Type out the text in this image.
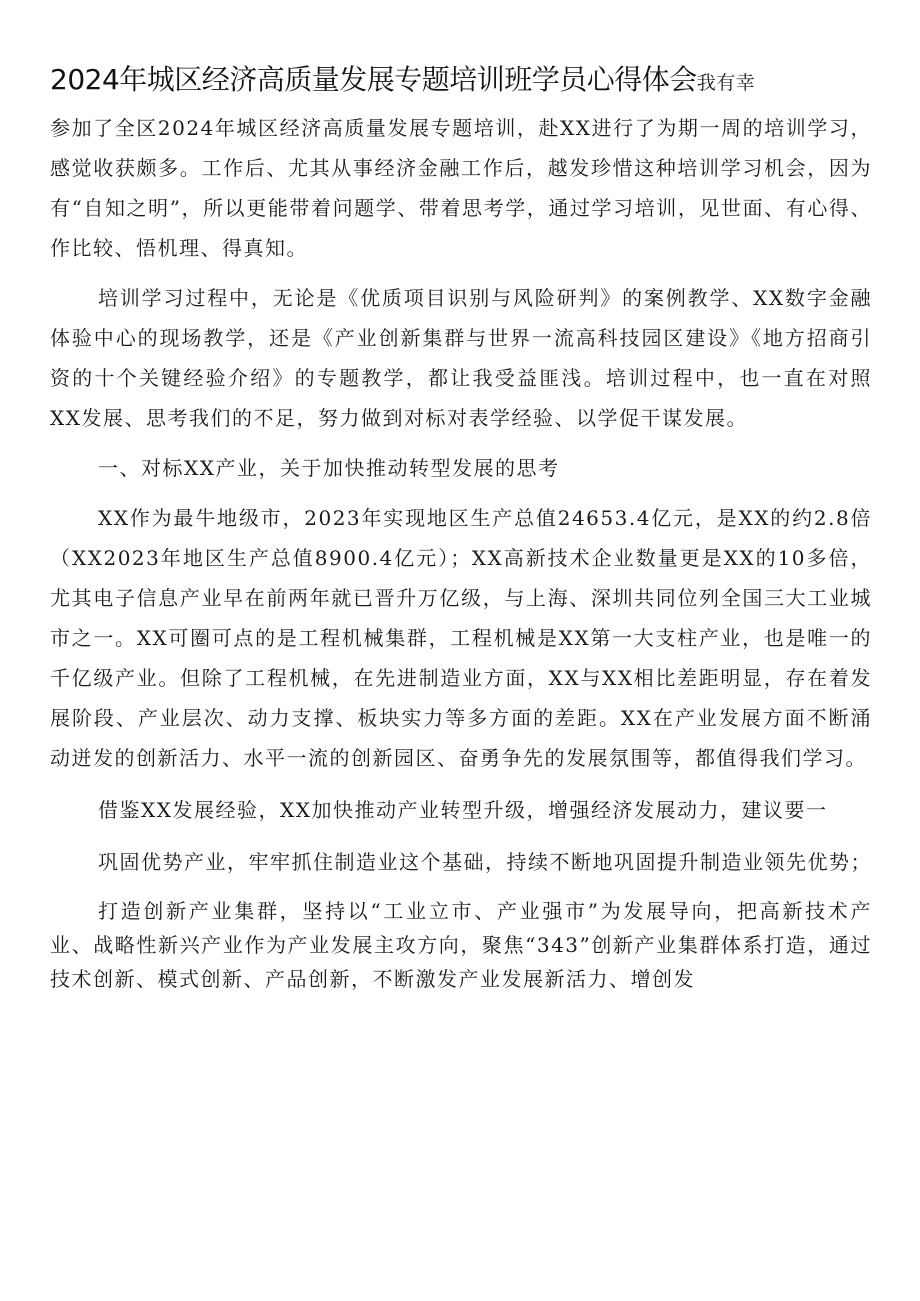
2024年城区经济高质量发展专题培训班学员心得体会我有幸

参加了全区2024年城区经济高质量发展专题培训，赴XX进行了为期一周的培训学习，感觉收获颇多。工作后、尤其从事经济金融工作后，越发珍惜这种培训学习机会，因为有“自知之明”，所以更能带着问题学、带着思考学，通过学习培训，见世面、有心得、作比较、悟机理、得真知。

培训学习过程中，无论是《优质项目识别与风险研判》的案例教学、XX数字金融体验中心的现场教学，还是《产业创新集群与世界一流高科技园区建设》《地方招商引资的十个关键经验介绍》的专题教学，都让我受益匪浅。培训过程中，也一直在对照XX发展、思考我们的不足，努力做到对标对表学经验、以学促干谋发展。

一、对标XX产业，关于加快推动转型发展的思考

XX作为最牛地级市，2023年实现地区生产总值24653.4亿元，是XX的约2.8倍（XX2023年地区生产总值8900.4亿元）；XX高新技术企业数量更是XX的10多倍，尤其电子信息产业早在前两年就已晋升万亿级，与上海、深圳共同位列全国三大工业城市之一。XX可圈可点的是工程机械集群，工程机械是XX第一大支柱产业，也是唯一的千亿级产业。但除了工程机械，在先进制造业方面，XX与XX相比差距明显，存在着发展阶段、产业层次、动力支撑、板块实力等多方面的差距。XX在产业发展方面不断涌动迸发的创新活力、水平一流的创新园区、奋勇争先的发展氛围等，都值得我们学习。

借鉴XX发展经验，XX加快推动产业转型升级，增强经济发展动力，建议要一

巩固优势产业，牢牢抓住制造业这个基础，持续不断地巩固提升制造业领先优势；

打造创新产业集群，坚持以“工业立市、产业强市”为发展导向，把高新技术产业、战略性新兴产业作为产业发展主攻方向，聚焦“343”创新产业集群体系打造，通过技术创新、模式创新、产品创新，不断激发产业发展新活力、增创发
